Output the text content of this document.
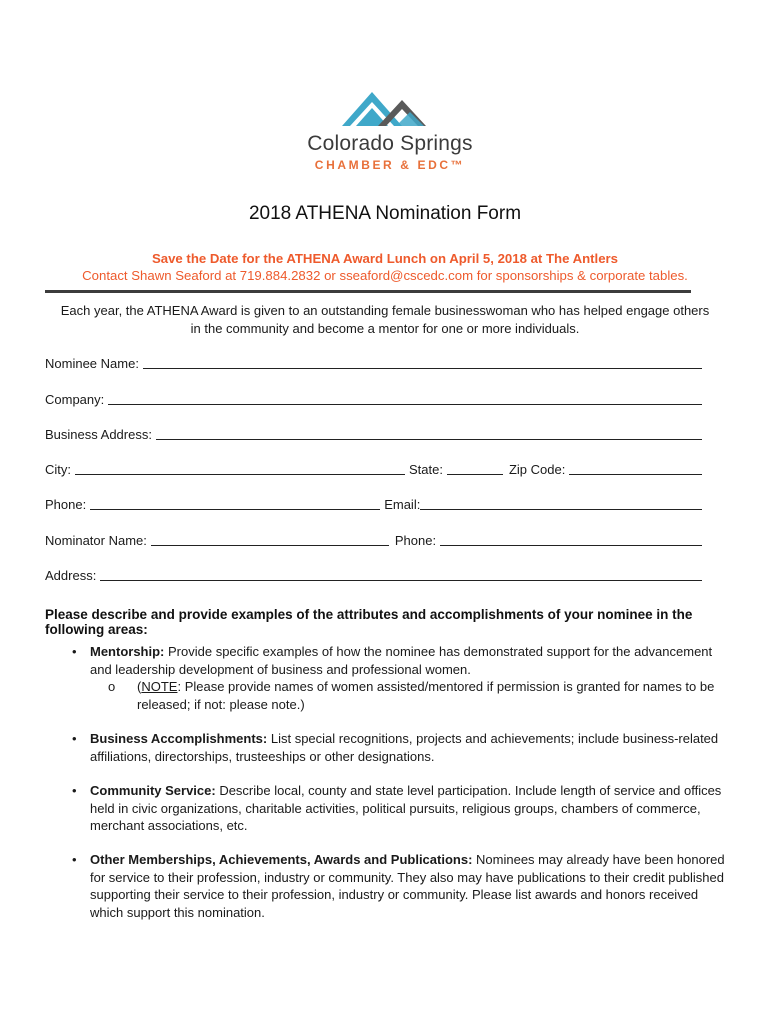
Colorado Springs
CHAMBER & EDC™
2018 ATHENA Nomination Form
Save the Date for the ATHENA Award Lunch on April 5, 2018 at The Antlers
Contact Shawn Seaford at 719.884.2832 or sseaford@cscedc.com for sponsorships & corporate tables.
Each year, the ATHENA Award is given to an outstanding female businesswoman who has helped engage others in the community and become a mentor for one or more individuals.
Nominee Name:
Company:
Business Address:
City:	State:	Zip Code:
Phone:	Email:
Nominator Name:	Phone:
Address:
Please describe and provide examples of the attributes and accomplishments of your nominee in the following areas:
• Mentorship: Provide specific examples of how the nominee has demonstrated support for the advancement and leadership development of business and professional women.
o (NOTE: Please provide names of women assisted/mentored if permission is granted for names to be released; if not: please note.)
• Business Accomplishments: List special recognitions, projects and achievements; include business-related affiliations, directorships, trusteeships or other designations.
• Community Service: Describe local, county and state level participation. Include length of service and offices held in civic organizations, charitable activities, political pursuits, religious groups, chambers of commerce, merchant associations, etc.
• Other Memberships, Achievements, Awards and Publications: Nominees may already have been honored for service to their profession, industry or community. They also may have publications to their credit published supporting their service to their profession, industry or community. Please list awards and honors received which support this nomination.
